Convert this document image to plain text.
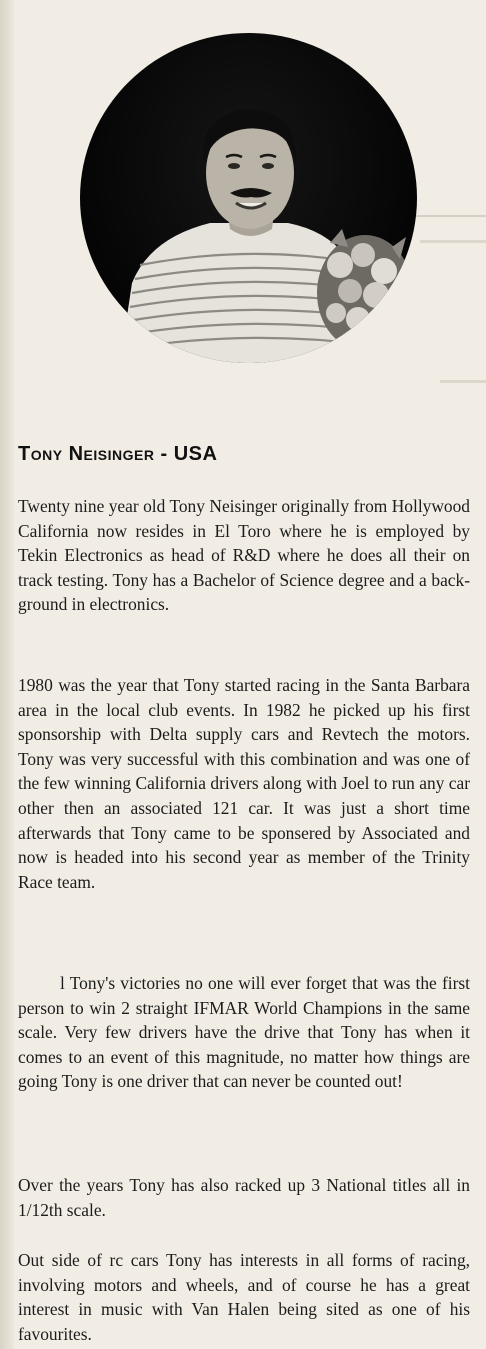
Tony Neisinger - USA

Twenty nine year old Tony Neisinger originally from Hollywood California now resides in El Toro where he is employed by Tekin Electronics as head of R&D where he does all their on track testing. Tony has a Bachelor of Science degree and a back-ground in electronics.

1980 was the year that Tony started racing in the Santa Barbara area in the local club events. In 1982 he picked up his first sponsorship with Delta supply cars and Revtech the motors. Tony was very successful with this combination and was one of the few winning California drivers along with Joel to run any car other then an associated 121 car. It was just a short time afterwards that Tony came to be sponsered by Associated and now is headed into his second year as member of the Trinity Race team.

l Tony's victories no one will ever forget that was the first person to win 2 straight IFMAR World Champions in the same scale. Very few drivers have the drive that Tony has when it comes to an event of this magnitude, no matter how things are going Tony is one driver that can never be counted out!

Over the years Tony has also racked up 3 National titles all in 1/12th scale.

Out side of rc cars Tony has interests in all forms of racing, involving motors and wheels, and of course he has a great interest in music with Van Halen being sited as one of his favourites.
